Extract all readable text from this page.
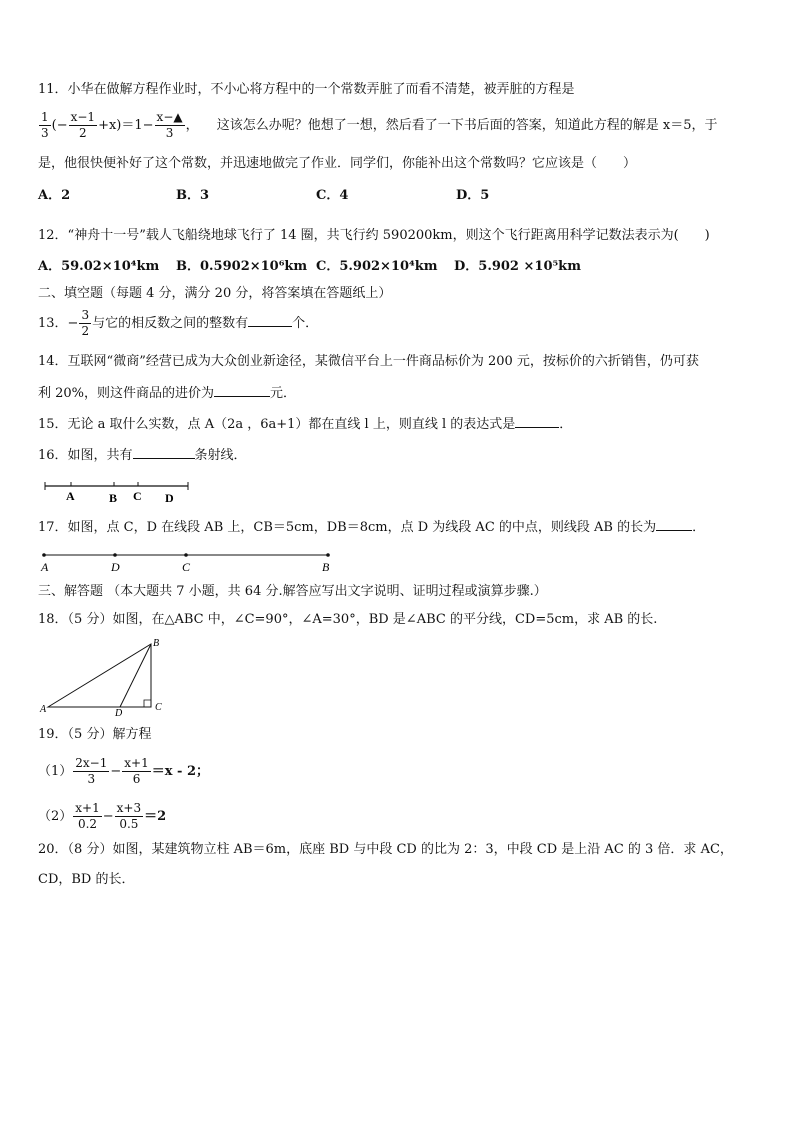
11．小华在做解方程作业时，不小心将方程中的一个常数弄脏了而看不清楚，被弄脏的方程是
$\frac{1}{3}$ (− $\frac{x-1}{2} +x)=1- \frac{x-▲}{3}$ ， 这该怎么办呢？他想了一想，然后看了一下书后面的答案，知道此方程的解是 x＝5，于
是，他很快便补好了这个常数，并迅速地做完了作业．同学们，你能补出这个常数吗？它应该是（　　）
A．2	B．3	C．4	D．5
12．“神舟十一号”载人飞船绕地球飞行了 14 圈，共飞行约 590200km，则这个飞行距离用科学记数法表示为(　　)
A．59.02×10⁴km B．0.5902×10⁶km C．5.902×10⁴km D．5.902 ×10⁵km
二、填空题（每题 4 分，满分 20 分，将答案填在答题纸上）
13．− $\frac{3}{2}$ 与它的相反数之间的整数有	个．
14．互联网“微商”经营已成为大众创业新途径，某微信平台上一件商品标价为 200 元，按标价的六折销售，仍可获
利 20%，则这件商品的进价为	元．
15．无论 a 取什么实数，点 A（2a ，6a+1）都在直线 l 上，则直线 l 的表达式是	．
16．如图，共有	条射线．
A	B C D
17．如图，点 C，D 在线段 AB 上，CB＝5cm，DB＝8cm，点 D 为线段 AC 的中点，则线段 AB 的长为	．
A	D	C	B
三、解答题 （本大题共 7 小题，共 64 分.解答应写出文字说明、证明过程或演算步骤.）
18．（5 分）如图，在△ABC 中，∠C=90°，∠A=30°，BD 是∠ABC 的平分线，CD=5cm，求 AB 的长.
A
B
C
D
19．（5 分）解方程
$(1) \frac{2x-1}{3} - \frac{x+1}{6} =x - 2$；
$(2) \frac{x+1}{0.2} - \frac{x+3}{0.5} =2$
20．（8 分）如图，某建筑物立柱 AB＝6m，底座 BD 与中段 CD 的比为 2：3，中段 CD 是上沿 AC 的 3 倍．求 AC，
CD，BD 的长．
